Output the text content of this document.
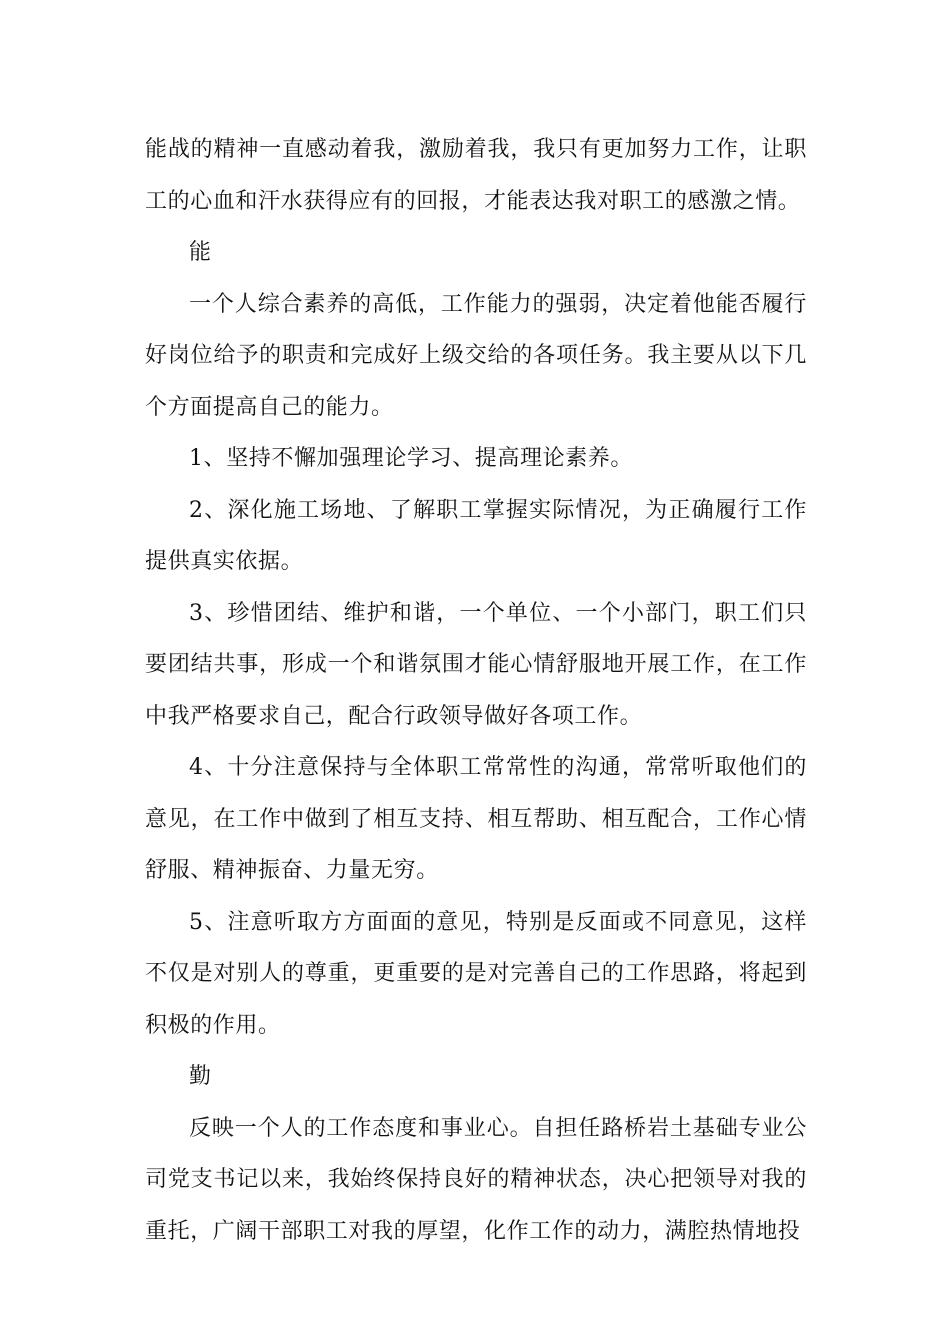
能战的精神一直感动着我，激励着我，我只有更加努力工作，让职工的心血和汗水获得应有的回报，才能表达我对职工的感激之情。

能

一个人综合素养的高低，工作能力的强弱，决定着他能否履行好岗位给予的职责和完成好上级交给的各项任务。我主要从以下几个方面提高自己的能力。

1、坚持不懈加强理论学习、提高理论素养。

2、深化施工场地、了解职工掌握实际情况，为正确履行工作提供真实依据。

3、珍惜团结、维护和谐，一个单位、一个小部门，职工们只要团结共事，形成一个和谐氛围才能心情舒服地开展工作，在工作中我严格要求自己，配合行政领导做好各项工作。

4、十分注意保持与全体职工常常性的沟通，常常听取他们的意见，在工作中做到了相互支持、相互帮助、相互配合，工作心情舒服、精神振奋、力量无穷。

5、注意听取方方面面的意见，特别是反面或不同意见，这样不仅是对别人的尊重，更重要的是对完善自己的工作思路，将起到积极的作用。

勤

反映一个人的工作态度和事业心。自担任路桥岩土基础专业公司党支书记以来，我始终保持良好的精神状态，决心把领导对我的重托，广阔干部职工对我的厚望，化作工作的动力，满腔热情地投
